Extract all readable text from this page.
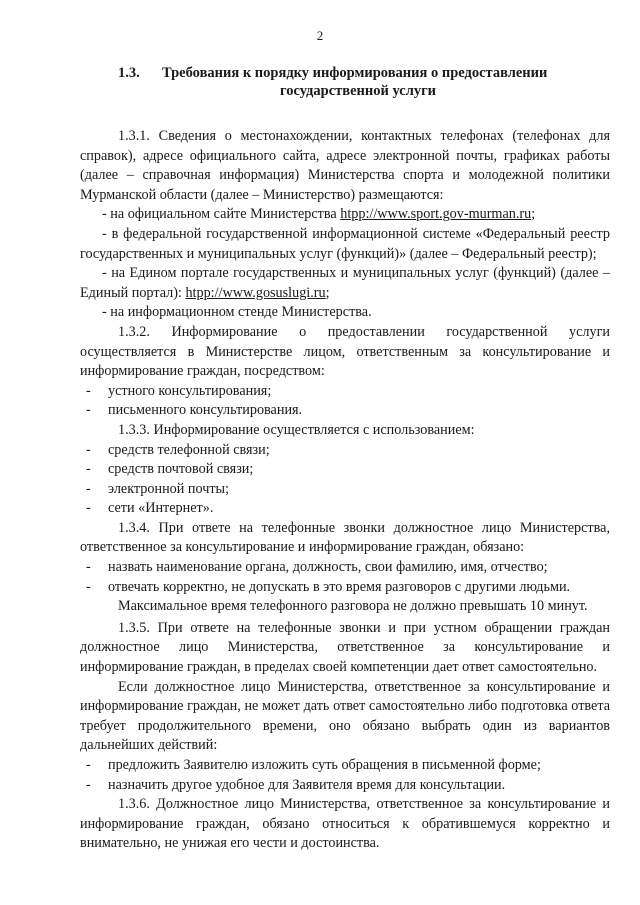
2
1.3. Требования к порядку информирования о предоставлении
государственной услуги

1.3.1. Сведения о местонахождении, контактных телефонах (телефонах для справок), адресе официального сайта, адресе электронной почты, графиках работы (далее – справочная информация) Министерства спорта и молодежной политики Мурманской области (далее – Министерство) размещаются:

- на официальном сайте Министерства htpp://www.sport.gov-murman.ru;

- в федеральной государственной информационной системе «Федеральный реестр государственных и муниципальных услуг (функций)» (далее – Федеральный реестр);

- на Едином портале государственных и муниципальных услуг (функций) (далее – Единый портал): htpp://www.gosuslugi.ru;

- на информационном стенде Министерства.

1.3.2. Информирование о предоставлении государственной услуги осуществляется в Министерстве лицом, ответственным за консультирование и информирование граждан, посредством:

- устного консультирования;

- письменного консультирования.

1.3.3. Информирование осуществляется с использованием:

- средств телефонной связи;

- средств почтовой связи;

- электронной почты;

- сети «Интернет».

1.3.4. При ответе на телефонные звонки должностное лицо Министерства, ответственное за консультирование и информирование граждан, обязано:

- назвать наименование органа, должность, свои фамилию, имя, отчество;

- отвечать корректно, не допускать в это время разговоров с другими людьми.

Максимальное время телефонного разговора не должно превышать 10 минут.

1.3.5. При ответе на телефонные звонки и при устном обращении граждан должностное лицо Министерства, ответственное за консультирование и информирование граждан, в пределах своей компетенции дает ответ самостоятельно.

Если должностное лицо Министерства, ответственное за консультирование и информирование граждан, не может дать ответ самостоятельно либо подготовка ответа требует продолжительного времени, оно обязано выбрать один из вариантов дальнейших действий:

- предложить Заявителю изложить суть обращения в письменной форме;

- назначить другое удобное для Заявителя время для консультации.

1.3.6. Должностное лицо Министерства, ответственное за консультирование и информирование граждан, обязано относиться к обратившемуся корректно и внимательно, не унижая его чести и достоинства.
